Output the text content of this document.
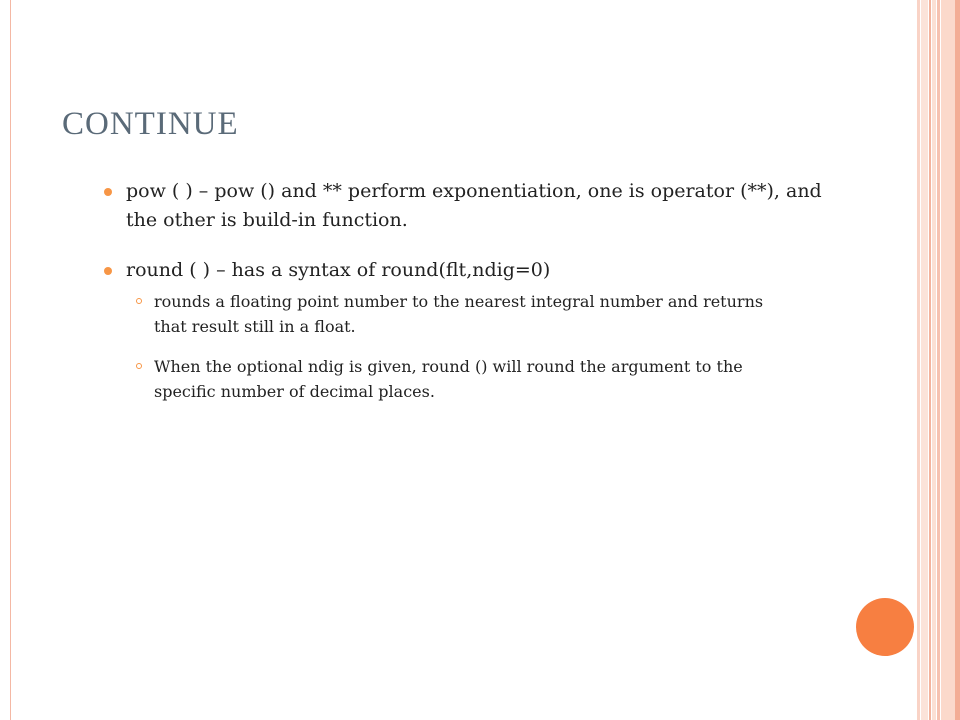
CONTINUE
pow ( ) – pow () and ** perform exponentiation, one is operator (**), and the other is build-in function.
round ( ) – has a syntax of round(flt,ndig=0)
rounds a floating point number to the nearest integral number and returns that result still in a float.
When the optional ndig is given, round () will round the argument to the specific number of decimal places.
